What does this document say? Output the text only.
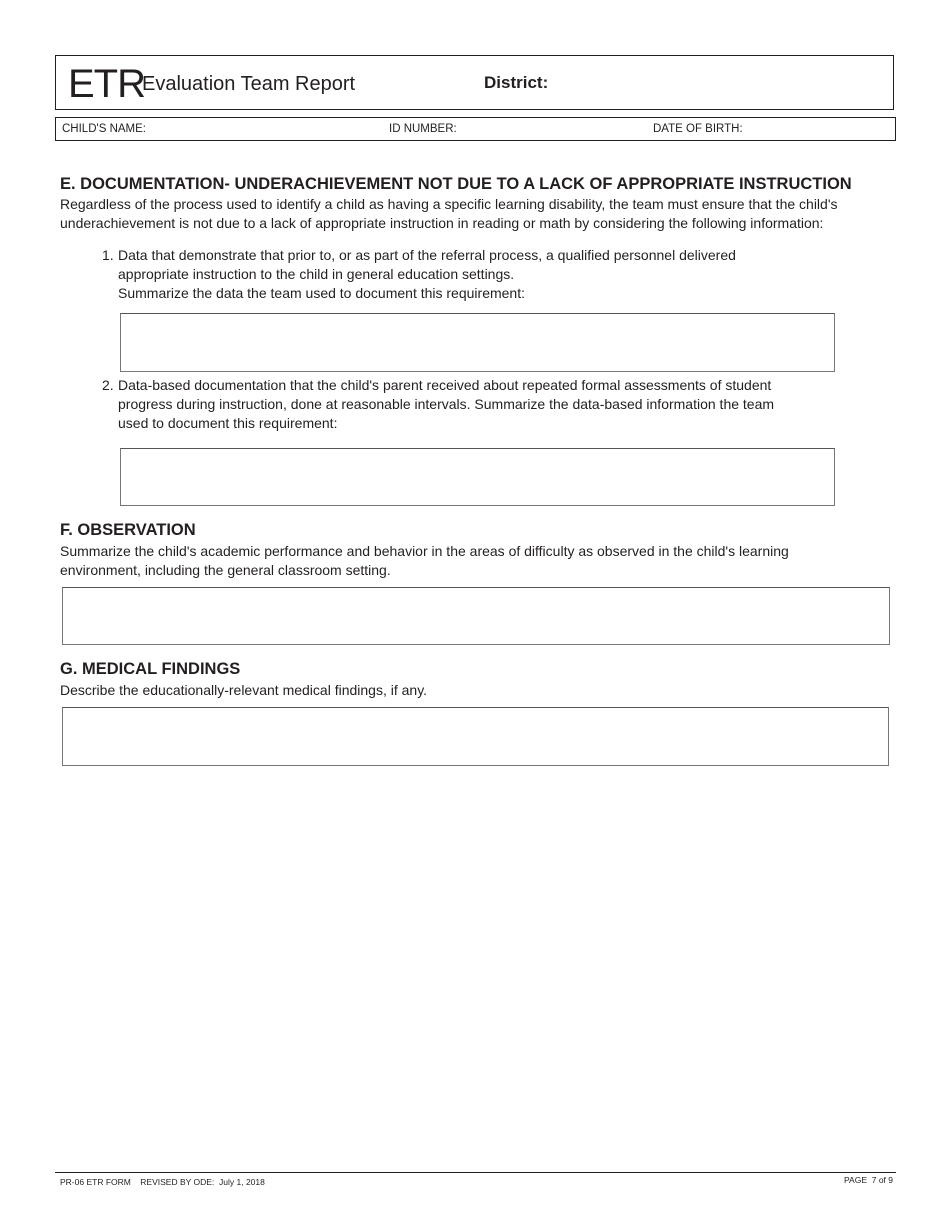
ETR
Evaluation Team Report	District:
CHILD'S NAME:	ID NUMBER:	DATE OF BIRTH:
E. DOCUMENTATION- UNDERACHIEVEMENT NOT DUE TO A LACK OF APPROPRIATE INSTRUCTION

Regardless of the process used to identify a child as having a specific learning disability, the team must ensure that the child's

underachievement is not due to a lack of appropriate instruction in reading or math by considering the following information:

1. Data that demonstrate that prior to, or as part of the referral process, a qualified personnel delivered

appropriate instruction to the child in general education settings.

Summarize the data the team used to document this requirement:

2. Data-based documentation that the child's parent received about repeated formal assessments of student

progress during instruction, done at reasonable intervals. Summarize the data-based information the team

used to document this requirement:

F. OBSERVATION

Summarize the child's academic performance and behavior in the areas of difficulty as observed in the child's learning

environment, including the general classroom setting.

G. MEDICAL FINDINGS

Describe the educationally-relevant medical findings, if any.

PR-06 ETR FORM    REVISED BY ODE:  July 1, 2018	PAGE  7 of 9
